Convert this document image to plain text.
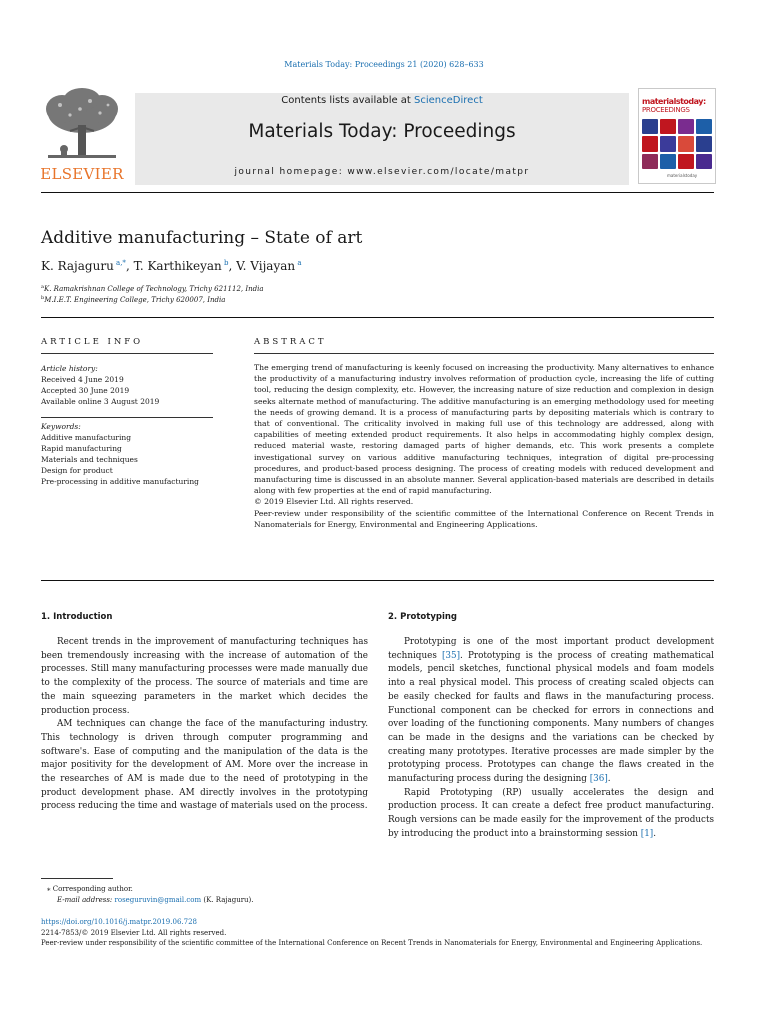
Materials Today: Proceedings 21 (2020) 628–633
ELSEVIER
Contents lists available at ScienceDirect
Materials Today: Proceedings
journal homepage: www.elsevier.com/locate/matpr
materialstoday:
PROCEEDINGS
materialstoday
Additive manufacturing – State of art
K. Rajaguru $^{a,*}$, T. Karthikeyan $^b$, V. Vijayan $^a$
$^a$K. Ramakrishnan College of Technology, Trichy 621112, India
$^b$M.I.E.T. Engineering College, Trichy 620007, India
ARTICLE INFO
Article history:
Received 4 June 2019
Accepted 30 June 2019
Available online 3 August 2019
Keywords:
Additive manufacturing
Rapid manufacturing
Materials and techniques
Design for product
Pre-processing in additive manufacturing
ABSTRACT

The emerging trend of manufacturing is keenly focused on increasing the productivity. Many alternatives to enhance the productivity of a manufacturing industry involves reformation of production cycle, increasing the life of cutting tool, reducing the design complexity, etc. However, the increasing nature of size reduction and complexion in design seeks alternate method of manufacturing. The additive manufacturing is an emerging methodology used for meeting the needs of growing demand. It is a process of manufacturing parts by depositing materials which is contrary to that of conventional. The criticality involved in making full use of this technology are addressed, along with capabilities of meeting extended product requirements. It also helps in accommodating highly complex design, reduced material waste, restoring damaged parts of higher demands, etc. This work presents a complete investigational survey on various additive manufacturing techniques, integration of digital pre-processing procedures, and product-based process designing. The process of creating models with reduced development and manufacturing time is discussed in an absolute manner. Several application-based materials are described in details along with few properties at the end of rapid manufacturing.

© 2019 Elsevier Ltd. All rights reserved.

Peer-review under responsibility of the scientific committee of the International Conference on Recent Trends in Nanomaterials for Energy, Environmental and Engineering Applications.

1. Introduction

Recent trends in the improvement of manufacturing techniques has been tremendously increasing with the increase of automation of the processes. Still many manufacturing processes were made manually due to the complexity of the process. The source of materials and time are the main squeezing parameters in the market which decides the production process.

AM techniques can change the face of the manufacturing industry. This technology is driven through computer programming and software's. Ease of computing and the manipulation of the data is the major positivity for the development of AM. More over the increase in the researches of AM is made due to the need of prototyping in the product development phase. AM directly involves in the prototyping process reducing the time and wastage of materials used on the process.

2. Prototyping

Prototyping is one of the most important product development techniques [35]. Prototyping is the process of creating mathematical models, pencil sketches, functional physical models and foam models into a real physical model. This process of creating scaled objects can be easily checked for faults and flaws in the manufacturing process. Functional component can be checked for errors in connections and over loading of the functioning components. Many numbers of changes can be made in the designs and the variations can be checked by creating many prototypes. Iterative processes are made simpler by the prototyping process. Prototypes can change the flaws created in the manufacturing process during the designing [36].

Rapid Prototyping (RP) usually accelerates the design and production process. It can create a defect free product manufacturing. Rough versions can be made easily for the improvement of the products by introducing the product into a brainstorming session [1].

⁎ Corresponding author.
E-mail address: roseguruvin@gmail.com (K. Rajaguru).
https://doi.org/10.1016/j.matpr.2019.06.728
2214-7853/© 2019 Elsevier Ltd. All rights reserved.
Peer-review under responsibility of the scientific committee of the International Conference on Recent Trends in Nanomaterials for Energy, Environmental and Engineering Applications.
